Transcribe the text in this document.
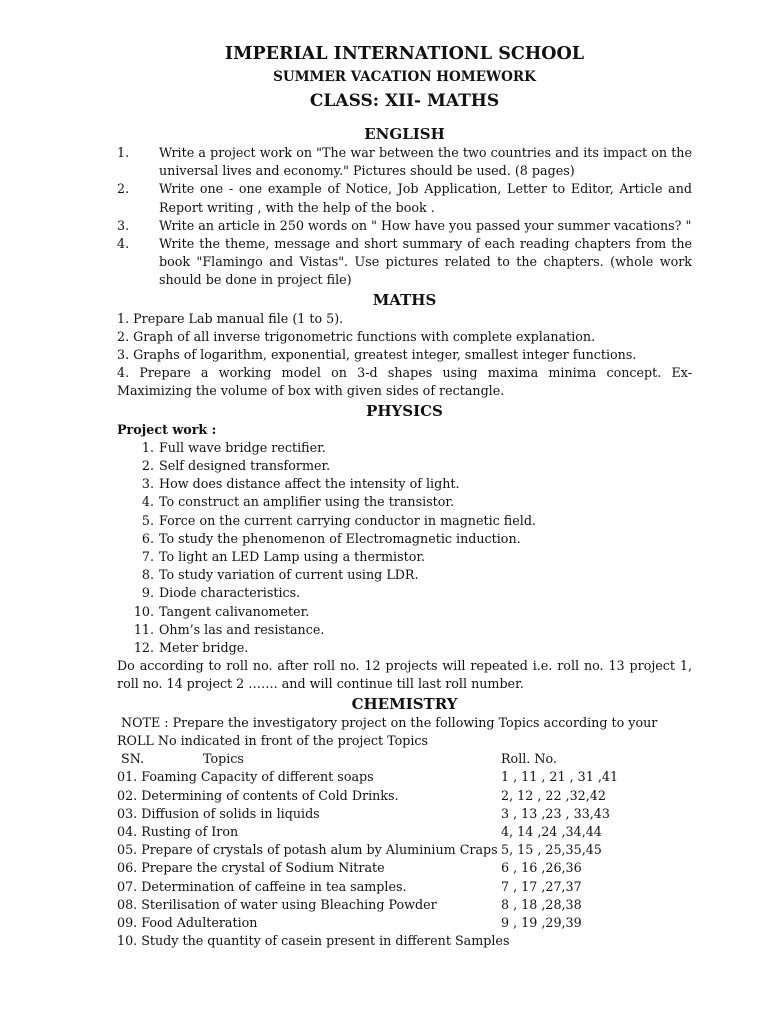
IMPERIAL INTERNATIONL SCHOOL
SUMMER VACATION HOMEWORK
CLASS: XII- MATHS
ENGLISH
1.	Write a project work on "The war between the two countries and its impact on the universal lives and economy." Pictures should be used. (8 pages)
2.	Write one - one example of Notice, Job Application, Letter to Editor, Article and Report writing , with the help of the book .
3.	Write an article in 250 words on " How have you passed your summer vacations? "
4.	Write the theme, message and short summary of each reading chapters from the book "Flamingo and Vistas". Use pictures related to the chapters. (whole work should be done in project file)
MATHS

1. Prepare Lab manual file (1 to 5).

2. Graph of all inverse trigonometric functions with complete explanation.

3. Graphs of logarithm, exponential, greatest integer, smallest integer functions.

4. Prepare a working model on 3-d shapes using maxima minima concept. Ex- Maximizing the volume of box with given sides of rectangle.

PHYSICS

Project work :

1. Full wave bridge rectifier.
2. Self designed transformer.
3. How does distance affect the intensity of light.
4. To construct an amplifier using the transistor.
5. Force on the current carrying conductor in magnetic field.
6. To study the phenomenon of Electromagnetic induction.
7. To light an LED Lamp using a thermistor.
8. To study variation of current using LDR.
9. Diode characteristics.
10. Tangent calivanometer.
11. Ohm’s las and resistance.
12. Meter bridge.

Do according to roll no. after roll no. 12 projects will repeated i.e. roll no. 13 project 1, roll no. 14 project 2 ……. and will continue till last roll number.

CHEMISTRY

NOTE : Prepare the investigatory project on the following Topics according to your ROLL No indicated in front of the project Topics

SN.	Topics	Roll. No.
01. Foaming Capacity of different soaps	1 , 11 , 21 , 31 ,41
02. Determining of contents of Cold Drinks.	2, 12 , 22 ,32,42
03. Diffusion of solids in liquids	3 , 13 ,23 , 33,43
04. Rusting of Iron	4, 14 ,24 ,34,44
05. Prepare of crystals of potash alum by Aluminium Craps 5, 15 , 25,35,45
06. Prepare the crystal of Sodium Nitrate	6 , 16 ,26,36
07. Determination of caffeine in tea samples.	7 , 17 ,27,37
08. Sterilisation of water using Bleaching Powder	8 , 18 ,28,38
09. Food Adulteration	9 , 19 ,29,39
10. Study the quantity of casein present in different Samples
